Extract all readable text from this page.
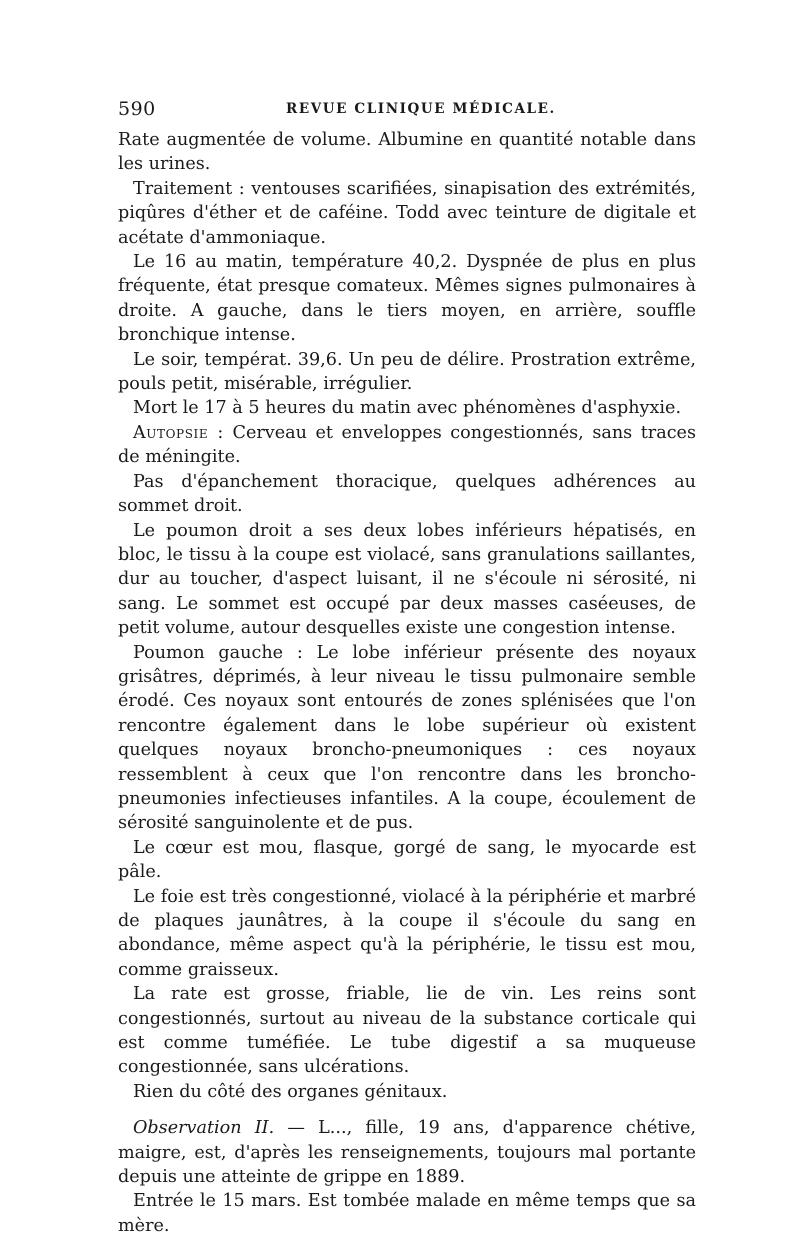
590	REVUE CLINIQUE MÉDICALE.

Rate augmentée de volume. Albumine en quantité notable dans les urines.

Traitement : ventouses scarifiées, sinapisation des extrémités, piqûres d'éther et de caféine. Todd avec teinture de digitale et acétate d'ammoniaque.

Le 16 au matin, température 40,2. Dyspnée de plus en plus fréquente, état presque comateux. Mêmes signes pulmonaires à droite. A gauche, dans le tiers moyen, en arrière, souffle bronchique intense.

Le soir, températ. 39,6. Un peu de délire. Prostration extrême, pouls petit, misérable, irrégulier.

Mort le 17 à 5 heures du matin avec phénomènes d'asphyxie.

Autopsie : Cerveau et enveloppes congestionnés, sans traces de méningite.

Pas d'épanchement thoracique, quelques adhérences au sommet droit.

Le poumon droit a ses deux lobes inférieurs hépatisés, en bloc, le tissu à la coupe est violacé, sans granulations saillantes, dur au toucher, d'aspect luisant, il ne s'écoule ni sérosité, ni sang. Le sommet est occupé par deux masses caséeuses, de petit volume, autour desquelles existe une congestion intense.

Poumon gauche : Le lobe inférieur présente des noyaux grisâtres, déprimés, à leur niveau le tissu pulmonaire semble érodé. Ces noyaux sont entourés de zones splénisées que l'on rencontre également dans le lobe supérieur où existent quelques noyaux broncho-pneumoniques : ces noyaux ressemblent à ceux que l'on rencontre dans les broncho-pneumonies infectieuses infantiles. A la coupe, écoulement de sérosité sanguinolente et de pus.

Le cœur est mou, flasque, gorgé de sang, le myocarde est pâle.

Le foie est très congestionné, violacé à la périphérie et marbré de plaques jaunâtres, à la coupe il s'écoule du sang en abondance, même aspect qu'à la périphérie, le tissu est mou, comme graisseux.

La rate est grosse, friable, lie de vin. Les reins sont congestionnés, surtout au niveau de la substance corticale qui est comme tuméfiée. Le tube digestif a sa muqueuse congestionnée, sans ulcérations.

Rien du côté des organes génitaux.

Observation II. — L..., fille, 19 ans, d'apparence chétive, maigre, est, d'après les renseignements, toujours mal portante depuis une atteinte de grippe en 1889.

Entrée le 15 mars. Est tombée malade en même temps que sa mère.
